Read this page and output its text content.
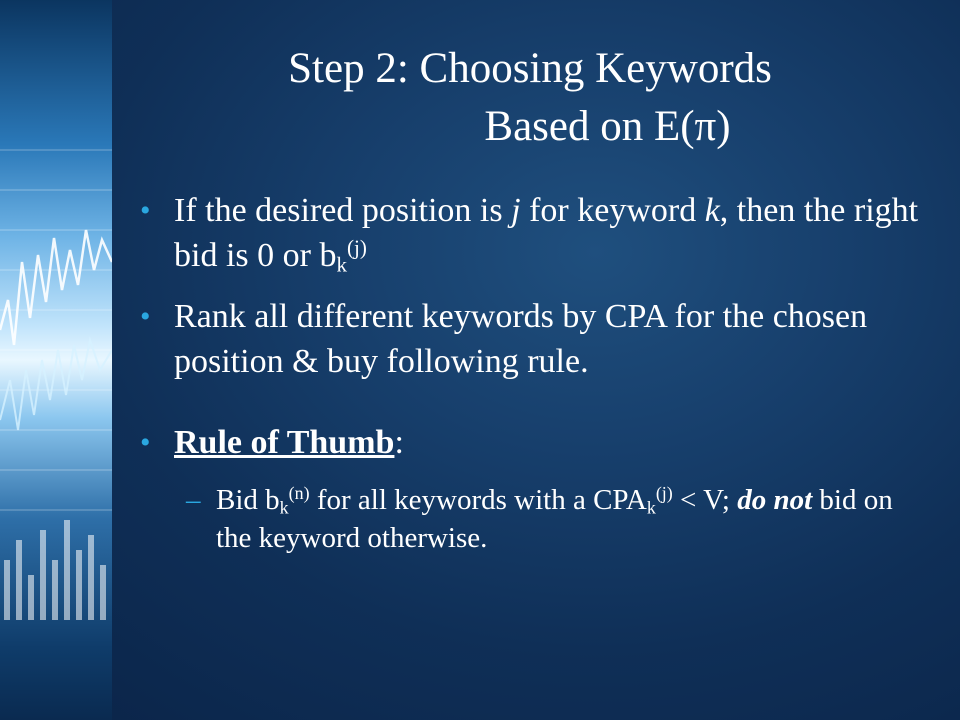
Step 2: Choosing Keywords
Based on E(π)
• If the desired position is j for keyword k, then the right bid is 0 or $b_k^{(j)}$
• Rank all different keywords by CPA for the chosen position & buy following rule.
• Rule of Thumb:
– Bid $b_k^{(n)}$ for all keywords with a $CPA_k^{(j)} < V$; do not bid on the keyword otherwise.
